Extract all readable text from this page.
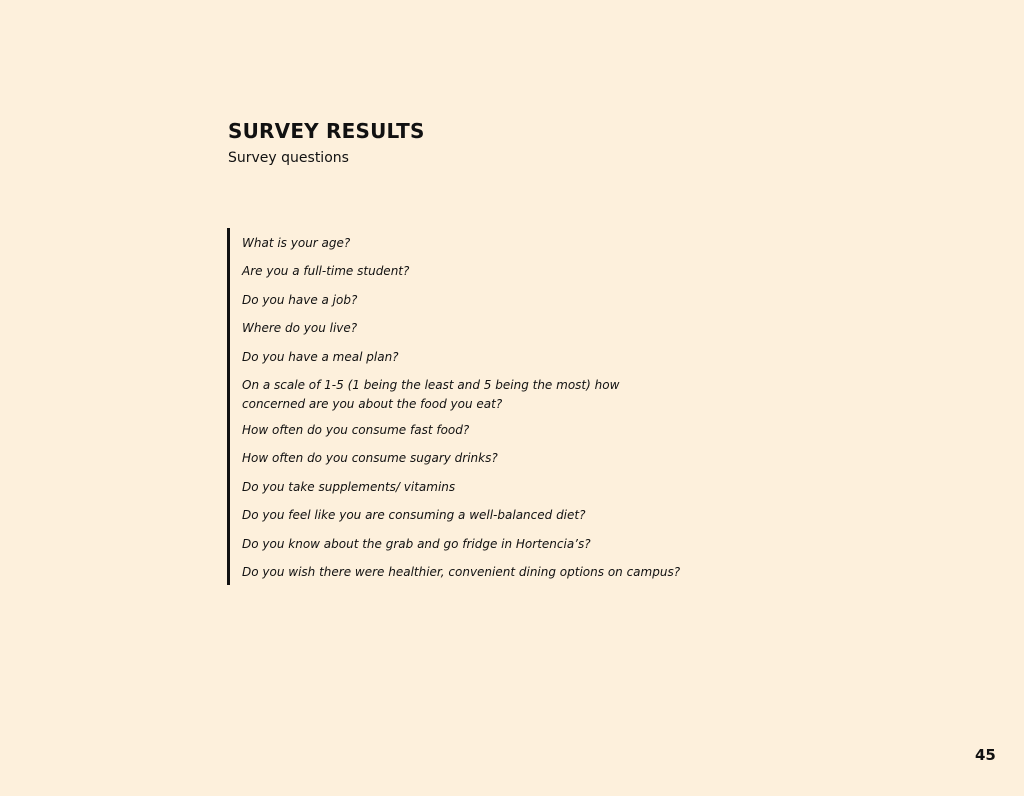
SURVEY RESULTS

Survey questions

What is your age?
Are you a full-time student?
Do you have a job?
Where do you live?
Do you have a meal plan?
On a scale of 1-5 (1 being the least and 5 being the most) how concerned are you about the food you eat?
How often do you consume fast food?
How often do you consume sugary drinks?
Do you take supplements/ vitamins
Do you feel like you are consuming a well-balanced diet?
Do you know about the grab and go fridge in Hortencia’s?
Do you wish there were healthier, convenient dining options on campus?

45
